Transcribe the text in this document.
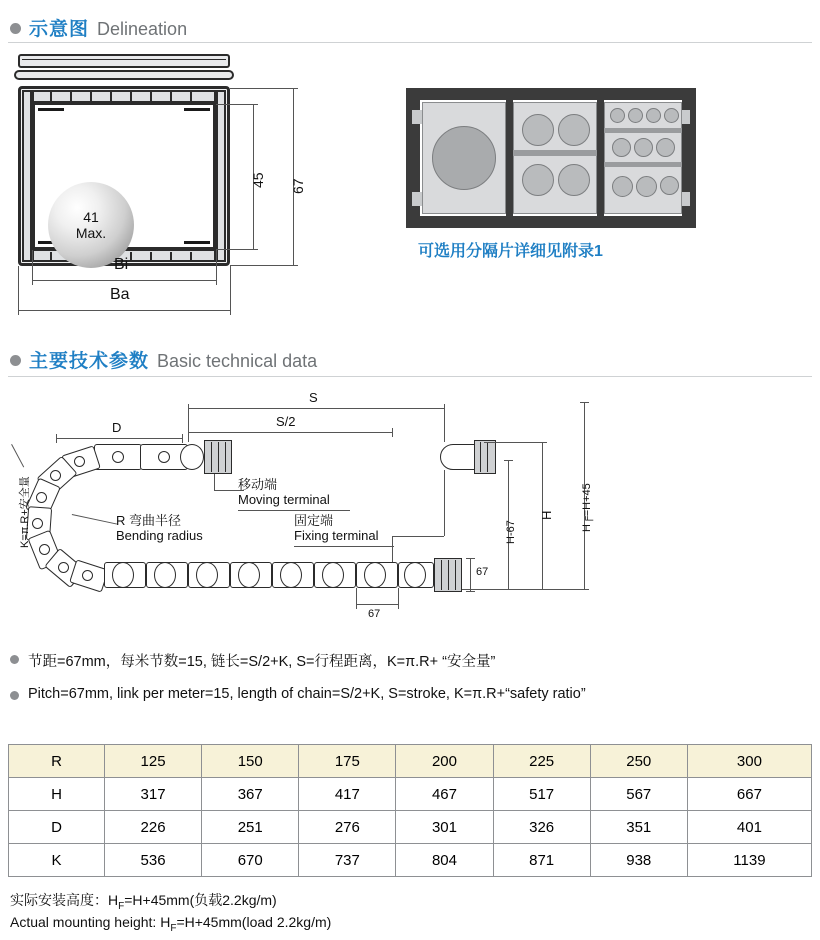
示意图 Delineation
41
Max.
45 67
Bi
Ba
可选用分隔片详细见附录1
主要技术参数 Basic technical data
S
S/2
D
K=π.R+安全量	移动端
Moving terminal
R 弯曲半径
Bending radius
固定端
Fixing terminal
67
67
H-67
H H╒=H+45
节距=67mm，每米节数=15, 链长=S/2+K, S=行程距离，K=π.R+ “安全量”
Pitch=67mm, link per meter=15, length of chain=S/2+K, S=stroke, K=π.R+“safety ratio”
R	125	150	175	200	225	250	300
H	317	367	417	467	517	567	667
D	226	251	276	301	326	351	401
K	536	670	737	804	871	938	1139
实际安装高度：$H_F=H+45mm$(负载2.2kg/m)
Actual mounting height: $H_F=H+45mm(load$ 2.2kg/m)
